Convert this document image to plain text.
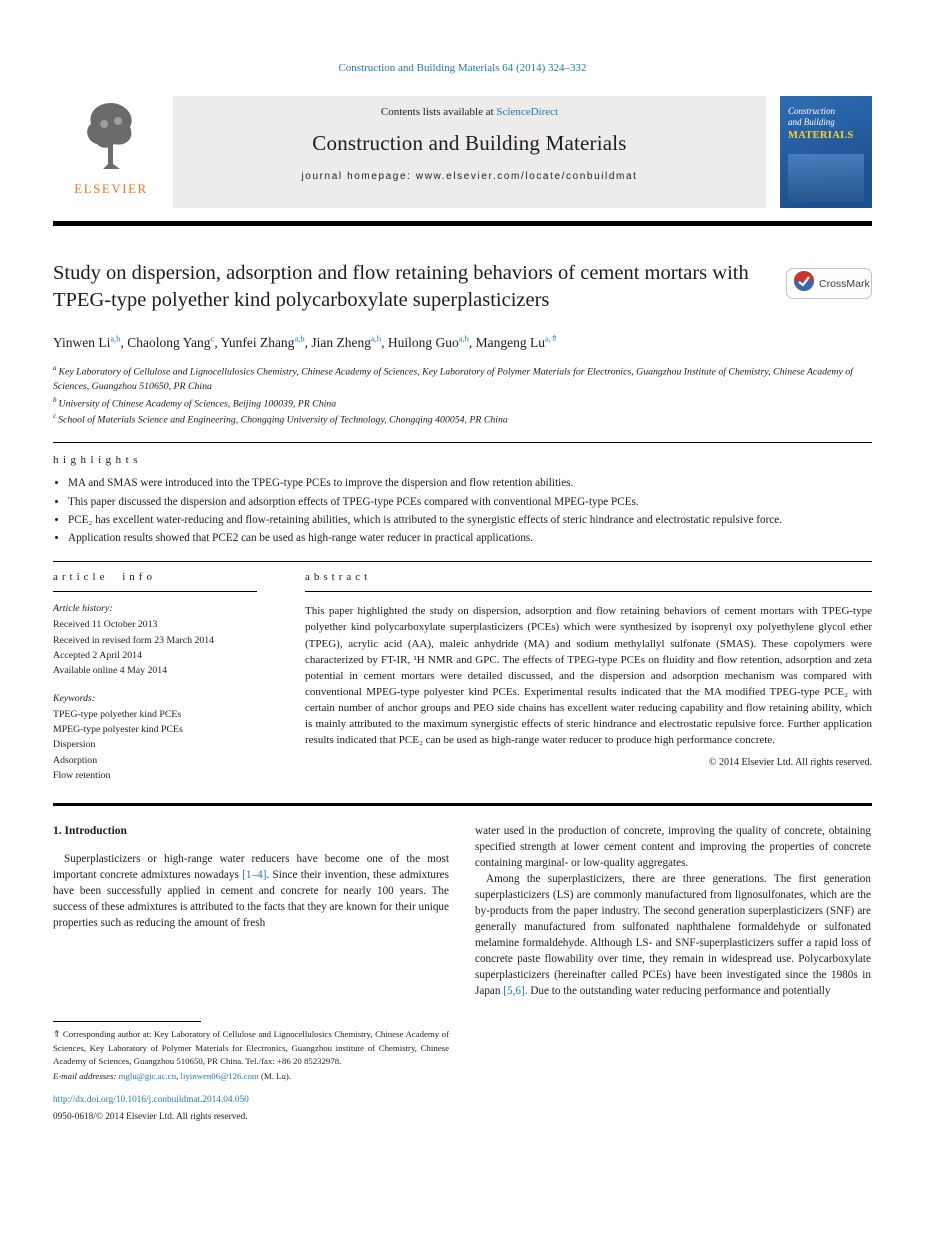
Construction and Building Materials 64 (2014) 324–332
ELSEVIER
Contents lists available at ScienceDirect
Construction and Building Materials
journal homepage: www.elsevier.com/locate/conbuildmat
Construction
and Building
MATERIALS
Study on dispersion, adsorption and flow retaining behaviors of cement mortars with TPEG-type polyether kind polycarboxylate superplasticizers
CrossMark
Yinwen Li$^{a,b}$, Chaolong Yang$^c$, Yunfei Zhang$^{a,b}$, Jian Zheng$^{a,b}$, Huilong Guo$^{a,b}$, Mangeng $Lu^{a,⇑}$
$^a$ Key Laboratory of Cellulose and Lignocellulosics Chemistry, Chinese Academy of Sciences, Key Laboratory of Polymer Materials for Electronics, Guangzhou Institute of Chemistry, Chinese Academy of Sciences, Guangzhou 510650, PR China
$^b$ University of Chinese Academy of Sciences, Beijing 100039, PR China
$^c$ School of Materials Science and Engineering, Chongqing University of Technology, Chongqing 400054, PR China
highlights
• MA and SMAS were introduced into the TPEG-type PCEs to improve the dispersion and flow retention abilities.
• This paper discussed the dispersion and adsorption effects of TPEG-type PCEs compared with conventional MPEG-type PCEs.
• PCE₂ has excellent water-reducing and flow-retaining abilities, which is attributed to the synergistic effects of steric hindrance and electrostatic repulsive force.
• Application results showed that PCE2 can be used as high-range water reducer in practical applications.
article info
Article history:
Received 11 October 2013
Received in revised form 23 March 2014
Accepted 2 April 2014
Available online 4 May 2014
Keywords:
TPEG-type polyether kind PCEs
MPEG-type polyester kind PCEs
Dispersion
Adsorption
Flow retention
abstract

This paper highlighted the study on dispersion, adsorption and flow retaining behaviors of cement mortars with TPEG-type polyether kind polycarboxylate superplasticizers (PCEs) which were synthesized by isoprenyl oxy polyethylene glycol ether (TPEG), acrylic acid (AA), maleic anhydride (MA) and sodium methylallyl sulfonate (SMAS). These copolymers were characterized by FT-IR, ¹H NMR and GPC. The effects of TPEG-type PCEs on fluidity and flow retention, adsorption and zeta potential in cement mortars were detailed discussed, and the dispersion and adsorption mechanism was compared with conventional MPEG-type polyester kind PCEs. Experimental results indicated that the MA modified TPEG-type PCE₂ with certain number of anchor groups and PEO side chains has excellent water reducing capability and flow retaining ability, which is mainly attributed to the maximum synergistic effects of steric hindrance and electrostatic repulsive force. Further application results indicated that PCE₂ can be used as high-range water reducer to produce high performance concrete.

© 2014 Elsevier Ltd. All rights reserved.
1. Introduction

Superplasticizers or high-range water reducers have become one of the most important concrete admixtures nowadays [1–4]. Since their invention, these admixtures have been successfully applied in cement and concrete for nearly 100 years. The success of these admixtures is attributed to the facts that they are known for their unique properties such as reducing the amount of fresh

⇑ Corresponding author at: Key Laboratory of Cellulose and Lignocellulosics Chemistry, Chinese Academy of Sciences, Key Laboratory of Polymer Materials for Electronics, Guangzhou institute of Chemistry, Chinese Academy of Sciences, Guangzhou 510650, PR China. Tel./fax: +86 20 85232978.
E-mail addresses: mglu@gic.ac.cn, liyinwen06@126.com (M. Lu).
http://dx.doi.org/10.1016/j.conbuildmat.2014.04.050
0950-0618/© 2014 Elsevier Ltd. All rights reserved.

water used in the production of concrete, improving the quality of concrete, obtaining specified strength at lower cement content and improving the properties of concrete containing marginal- or low-quality aggregates.

Among the superplasticizers, there are three generations. The first generation superplasticizers (LS) are commonly manufactured from lignosulfonates, which are the by-products from the paper industry. The second generation superplasticizers (SNF) are generally manufactured from sulfonated naphthalene formaldehyde or sulfonated melamine formaldehyde. Although LS- and SNF-superplasticizers suffer a rapid loss of concrete paste flowability over time, they remain in widespread use. Polycarboxylate superplasticizers (hereinafter called PCEs) have been investigated since the 1980s in Japan [5,6]. Due to the outstanding water reducing performance and potentially
